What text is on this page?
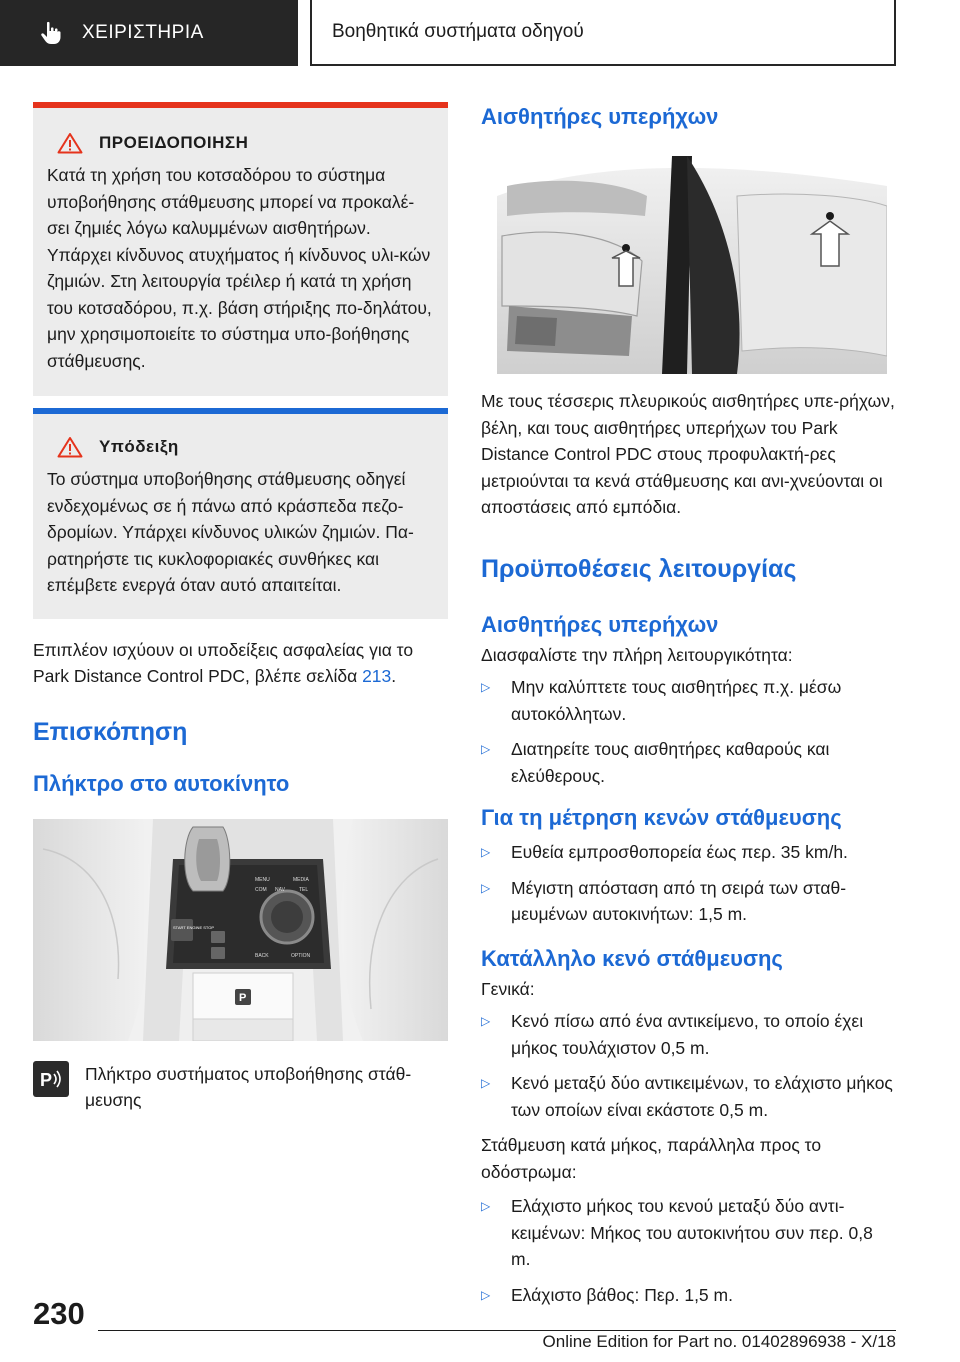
ΧΕΙΡΙΣΤΗΡΙΑ	Βοηθητικά συστήματα οδηγού
ΠΡΟΕΙΔΟΠΟΙΗΣΗ
Κατά τη χρήση του κοτσαδόρου το σύστημα υποβοήθησης στάθμευσης μπορεί να προκαλέ-σει ζημιές λόγω καλυμμένων αισθητήρων. Υπάρχει κίνδυνος ατυχήματος ή κίνδυνος υλι-κών ζημιών. Στη λειτουργία τρέιλερ ή κατά τη χρήση του κοτσαδόρου, π.χ. βάση στήριξης πο-δηλάτου, μην χρησιμοποιείτε το σύστημα υπο-βοήθησης στάθμευσης.
Υπόδειξη
Το σύστημα υποβοήθησης στάθμευσης οδηγεί ενδεχομένως σε ή πάνω από κράσπεδα πεζο-δρομίων. Υπάρχει κίνδυνος υλικών ζημιών. Πα-ρατηρήστε τις κυκλοφοριακές συνθήκες και επέμβετε ενεργά όταν αυτό απαιτείται.

Επιπλέον ισχύουν οι υποδείξεις ασφαλείας για το Park Distance Control PDC, βλέπε σελίδα 213.

Επισκόπηση
Πλήκτρο στο αυτοκίνητο
MENU	MEDIA
COM NAV	TEL
BACK	OPTION
START ENGINE STOP
P
P Πλήκτρο συστήματος υποβοήθησης στάθ-μευσης
Αισθητήρες υπερήχων

Με τους τέσσερις πλευρικούς αισθητήρες υπε-ρήχων, βέλη, και τους αισθητήρες υπερήχων του Park Distance Control PDC στους προφυλακτή-ρες μετριούνται τα κενά στάθμευσης και ανι-χνεύονται οι αποστάσεις από εμπόδια.

Προϋποθέσεις λειτουργίας
Αισθητήρες υπερήχων

Διασφαλίστε την πλήρη λειτουργικότητα:

▷	Μην καλύπτετε τους αισθητήρες π.χ. μέσω αυτοκόλλητων.
▷	Διατηρείτε τους αισθητήρες καθαρούς και ελεύθερους.
Για τη μέτρηση κενών στάθμευσης
▷	Ευθεία εμπροσθοπορεία έως περ. 35 km/h.
▷	Μέγιστη απόσταση από τη σειρά των σταθ-μευμένων αυτοκινήτων: 1,5 m.
Κατάλληλο κενό στάθμευσης

Γενικά:

▷	Κενό πίσω από ένα αντικείμενο, το οποίο έχει μήκος τουλάχιστον 0,5 m.
▷	Κενό μεταξύ δύο αντικειμένων, το ελάχιστο μήκος των οποίων είναι εκάστοτε 0,5 m.

Στάθμευση κατά μήκος, παράλληλα προς το οδόστρωμα:

▷	Ελάχιστο μήκος του κενού μεταξύ δύο αντι-κειμένων: Μήκος του αυτοκινήτου συν περ. 0,8 m.
▷	Ελάχιστο βάθος: Περ. 1,5 m.
230
Online Edition for Part no. 01402896938 - X/18
